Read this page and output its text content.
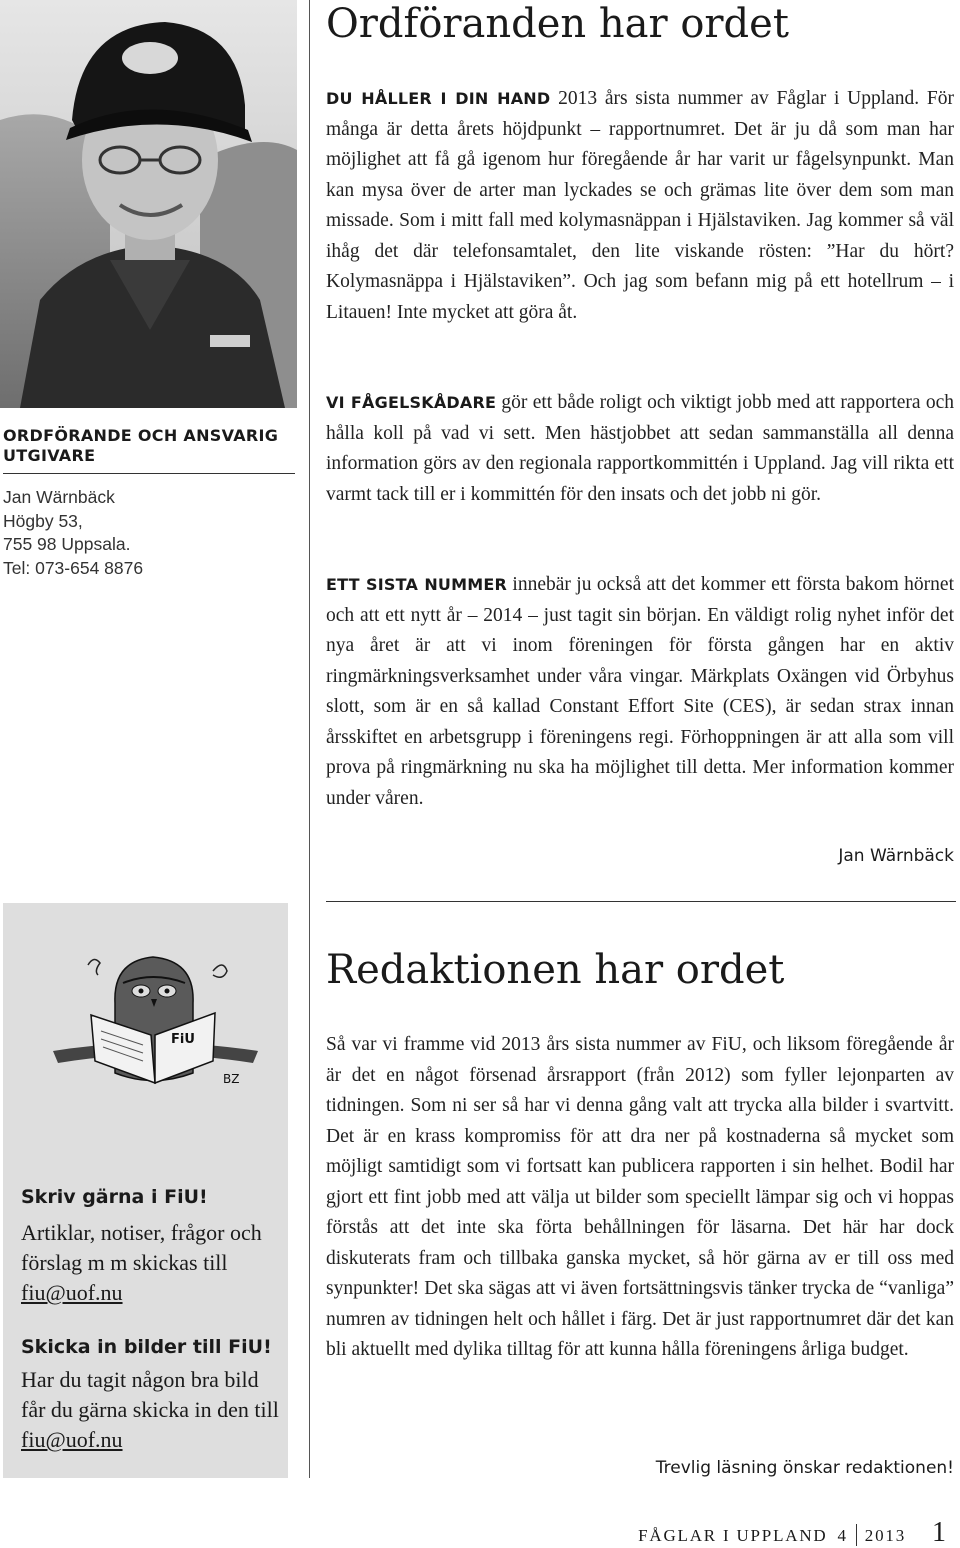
ORDFÖRANDE OCH ANSVARIG UTGIVARE
Jan Wärnbäck
Högby 53,
755 98 Uppsala.
Tel: 073-654 8876
Ordföranden har ordet
DU HÅLLER I DIN HAND 2013 års sista nummer av Fåglar i Uppland. För många är detta årets höjdpunkt – rapportnumret. Det är ju då som man har möjlighet att få gå igenom hur föregående år har varit ur fågelsynpunkt. Man kan mysa över de arter man lyckades se och grämas lite över dem som man missade. Som i mitt fall med kolymasnäppan i Hjälstaviken. Jag kommer så väl ihåg det där telefonsamtalet, den lite viskande rösten: ”Har du hört? Kolymasnäppa i Hjälstaviken”. Och jag som befann mig på ett hotellrum – i Litauen! Inte mycket att göra åt.
VI FÅGELSKÅDARE gör ett både roligt och viktigt jobb med att rapportera och hålla koll på vad vi sett. Men hästjobbet att sedan sammanställa all denna information görs av den regionala rapportkommittén i Uppland. Jag vill rikta ett varmt tack till er i kommittén för den insats och det jobb ni gör.
ETT SISTA NUMMER innebär ju också att det kommer ett första bakom hörnet och att ett nytt år – 2014 – just tagit sin början. En väldigt rolig nyhet inför det nya året är att vi inom föreningen för första gången har en aktiv ringmärkningsverksamhet under våra vingar. Märkplats Oxängen vid Örbyhus slott, som är en så kallad Constant Effort Site (CES), är sedan strax innan årsskiftet en arbetsgrupp i föreningens regi. Förhoppningen är att alla som vill prova på ringmärkning nu ska ha möjlighet till detta. Mer information kommer under våren.
Jan Wärnbäck
Redaktionen har ordet
Så var vi framme vid 2013 års sista nummer av FiU, och liksom föregående år är det en något försenad årsrapport (från 2012) som fyller lejonparten av tidningen. Som ni ser så har vi denna gång valt att trycka alla bilder i svartvitt. Det är en krass kompromiss för att dra ner på kostnaderna så mycket som möjligt samtidigt som vi fortsatt kan publicera rapporten i sin helhet. Bodil har gjort ett fint jobb med att välja ut bilder som speciellt lämpar sig och vi hoppas förstås att det inte ska förta behållningen för läsarna. Det här har dock diskuterats fram och tillbaka ganska mycket, så hör gärna av er till oss med synpunkter! Det ska sägas att vi även fortsättningsvis tänker trycka de “vanliga” numren av tidningen helt och hållet i färg. Det är just rapportnumret där det kan bli aktuellt med dylika tilltag för att kunna hålla föreningens årliga budget.
Trevlig läsning önskar redaktionen!
FiU
BZ
Skriv gärna i FiU!
Artiklar, notiser, frågor och förslag m m skickas till fiu@uof.nu
Skicka in bilder till FiU!
Har du tagit någon bra bild får du gärna skicka in den till fiu@uof.nu
FÅGLAR I UPPLAND 4 2013 1
